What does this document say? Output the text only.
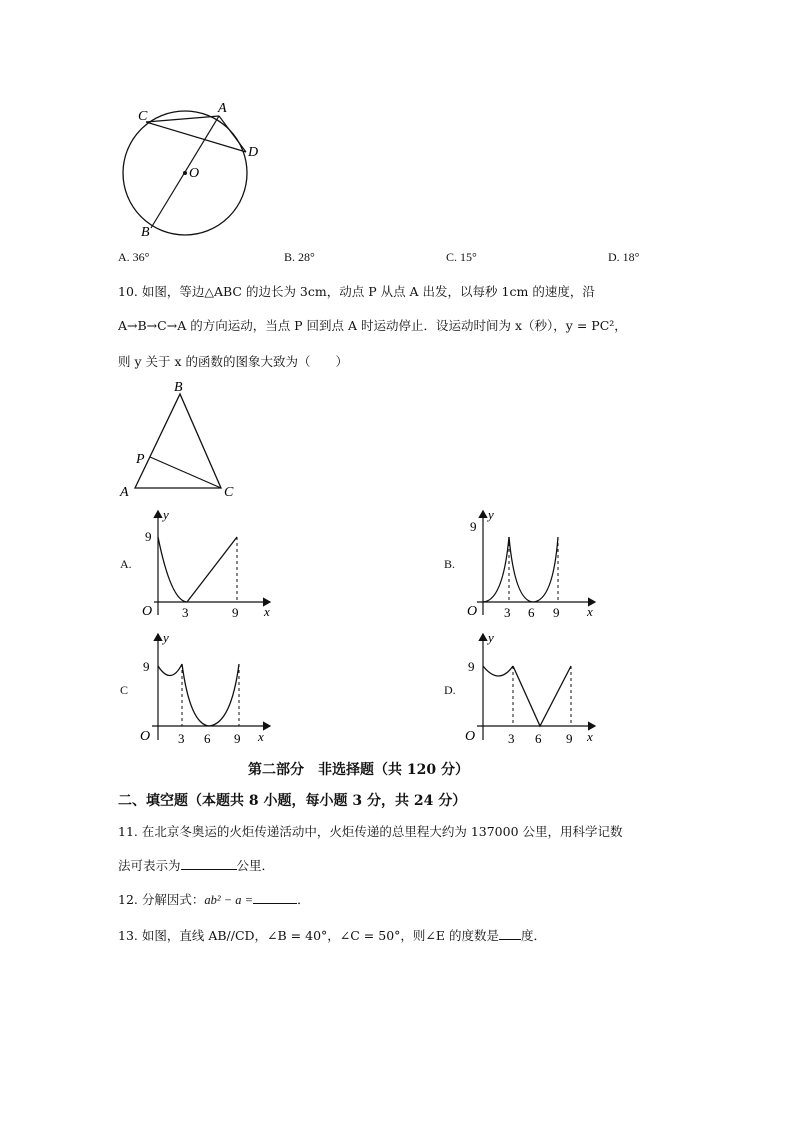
C
A
D
O
B
A. 36°	B. 28°	C. 15°	D. 18°
10. 如图，等边△ABC 的边长为 3cm，动点 P 从点 A 出发，以每秒 1cm 的速度，沿
A→B→C→A 的方向运动，当点 P 回到点 A 时运动停止．设运动时间为 x（秒），y = PC²，
则 y 关于 x 的函数的图象大致为（　　）
B
P
A	C
A.	B.
C	D.
y
9
O 3	9 x
y
9
O 3 6 9 x
y
9
O 3 6 9 x
y
9
O	3 6 9 x
第二部分　非选择题（共 120 分）
二、填空题（本题共 8 小题，每小题 3 分，共 24 分）
11. 在北京冬奥运的火炬传递活动中，火炬传递的总里程大约为 137000 公里，用科学记数
法可表示为	公里．
12. 分解因式：ab² − a =	．
13. 如图，直线 AB//CD，∠B = 40°，∠C = 50°，则∠E 的度数是 度．
